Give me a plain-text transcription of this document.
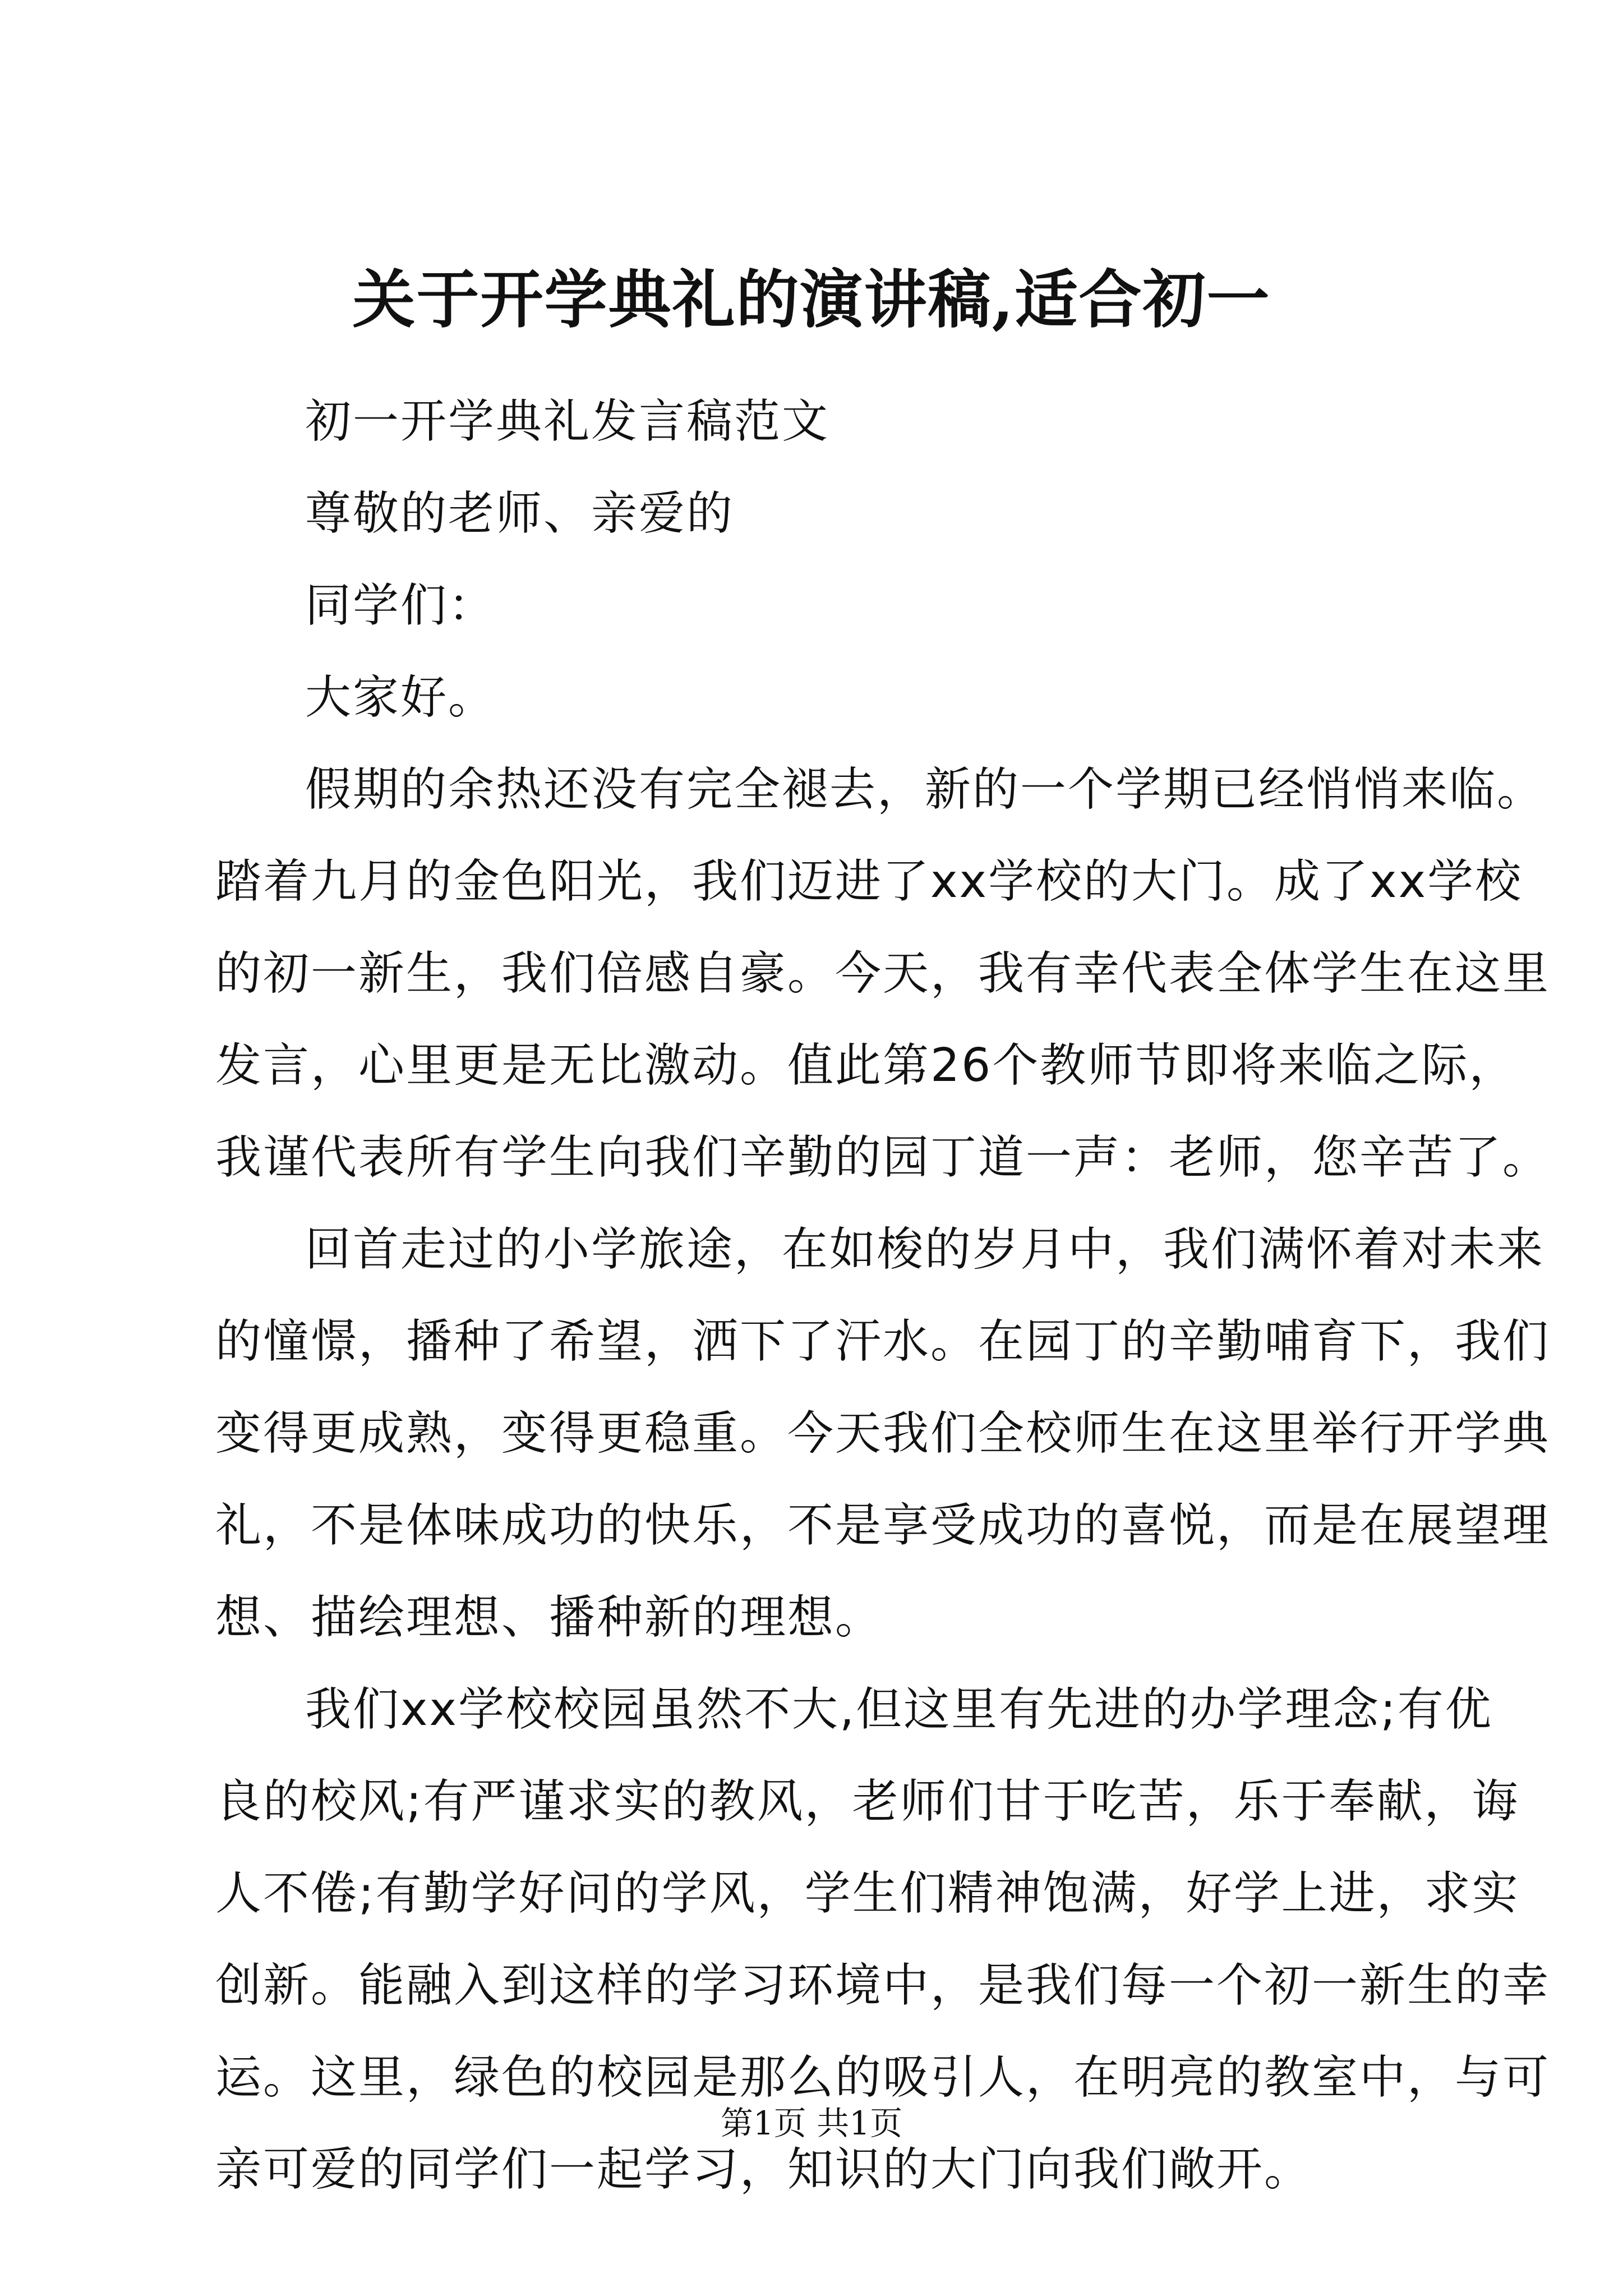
关于开学典礼的演讲稿,适合初一

初一开学典礼发言稿范文

尊敬的老师、亲爱的

同学们：

大家好。

假期的余热还没有完全褪去，新的一个学期已经悄悄来临。

踏着九月的金色阳光，我们迈进了xx学校的大门。成了xx学校

的初一新生，我们倍感自豪。今天，我有幸代表全体学生在这里

发言，心里更是无比激动。值此第26个教师节即将来临之际，

我谨代表所有学生向我们辛勤的园丁道一声：老师，您辛苦了。

回首走过的小学旅途，在如梭的岁月中，我们满怀着对未来

的憧憬，播种了希望，洒下了汗水。在园丁的辛勤哺育下，我们

变得更成熟，变得更稳重。今天我们全校师生在这里举行开学典

礼，不是体味成功的快乐，不是享受成功的喜悦，而是在展望理

想、描绘理想、播种新的理想。

我们xx学校校园虽然不大,但这里有先进的办学理念;有优

良的校风;有严谨求实的教风，老师们甘于吃苦，乐于奉献，诲

人不倦;有勤学好问的学风，学生们精神饱满，好学上进，求实

创新。能融入到这样的学习环境中，是我们每一个初一新生的幸

运。这里，绿色的校园是那么的吸引人，在明亮的教室中，与可

亲可爱的同学们一起学习，知识的大门向我们敞开。

第1页 共1页
